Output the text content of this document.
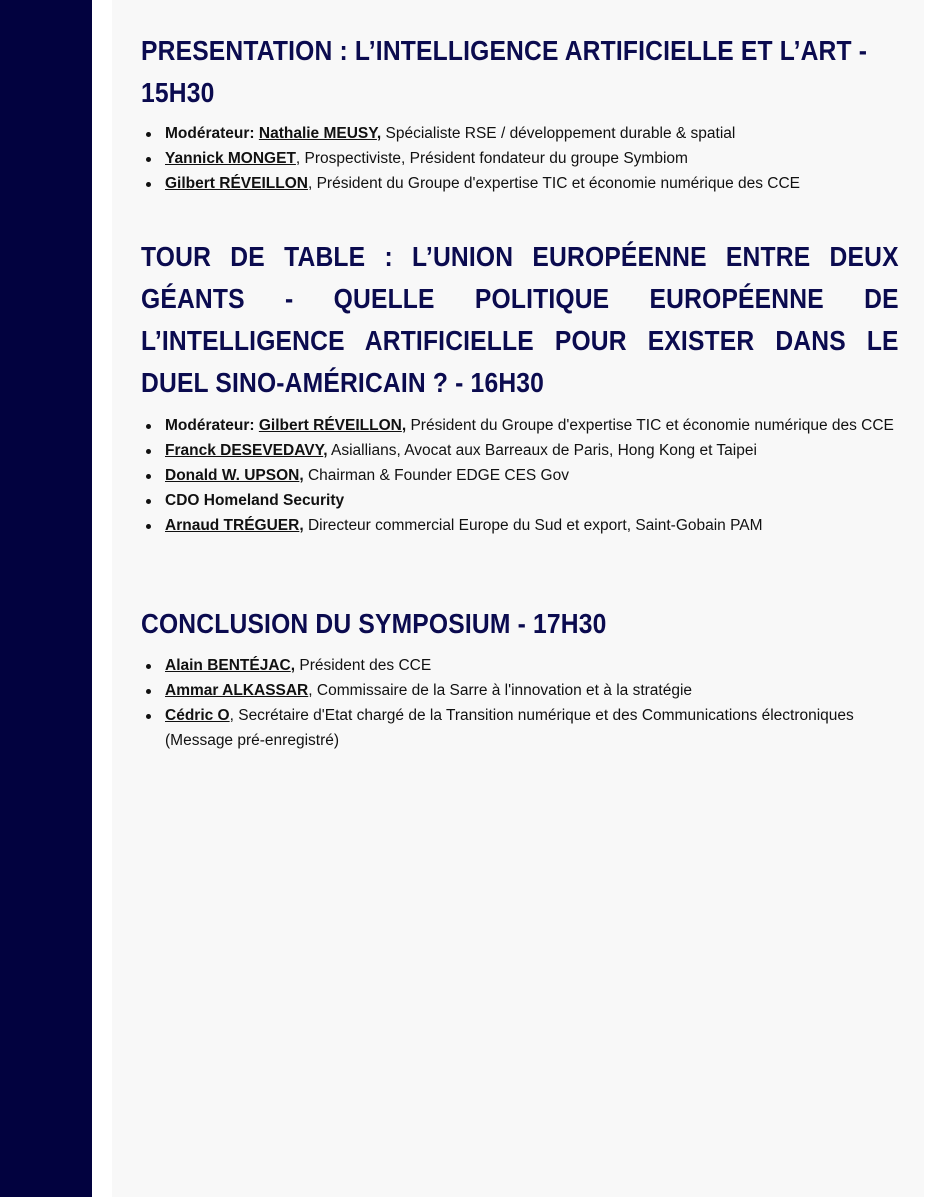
PRESENTATION : L’INTELLIGENCE ARTIFICIELLE ET L’ART - 15H30
Modérateur: Nathalie MEUSY, Spécialiste RSE / développement durable & spatial
Yannick MONGET, Prospectiviste, Président fondateur du groupe Symbiom
Gilbert RÉVEILLON, Président du Groupe d'expertise TIC et économie numérique des CCE
TOUR DE TABLE : L’UNION EUROPÉENNE ENTRE DEUX GÉANTS - QUELLE POLITIQUE EUROPÉENNE DE L’INTELLIGENCE ARTIFICIELLE POUR EXISTER DANS LE DUEL SINO-AMÉRICAIN ? - 16H30
Modérateur: Gilbert RÉVEILLON, Président du Groupe d'expertise TIC et économie numérique des CCE
Franck DESEVEDAVY, Asiallians, Avocat aux Barreaux de Paris, Hong Kong et Taipei
Donald W. UPSON, Chairman & Founder EDGE CES Gov
CDO Homeland Security
Arnaud TRÉGUER, Directeur commercial Europe du Sud et export, Saint-Gobain PAM
CONCLUSION DU SYMPOSIUM - 17H30
Alain BENTÉJAC, Président des CCE
Ammar ALKASSAR, Commissaire de la Sarre à l'innovation et à la stratégie
Cédric O, Secrétaire d'Etat chargé de la Transition numérique et des Communications électroniques (Message pré-enregistré)
